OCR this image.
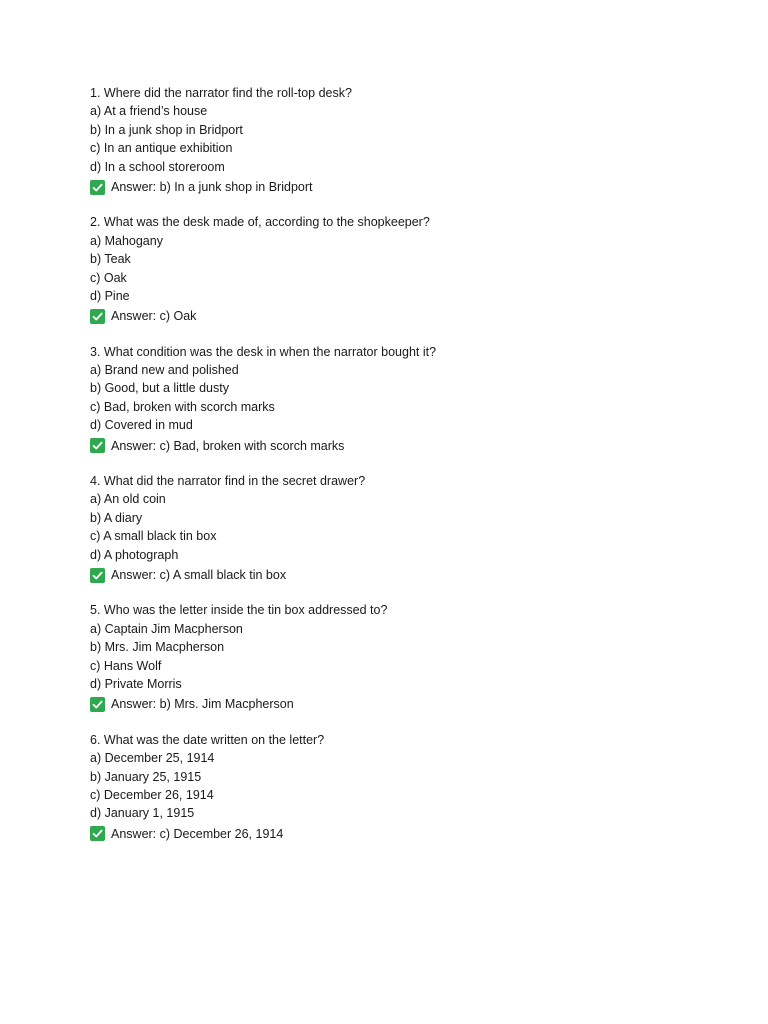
1. Where did the narrator find the roll-top desk?
a) At a friend’s house
b) In a junk shop in Bridport
c) In an antique exhibition
d) In a school storeroom
Answer: b) In a junk shop in Bridport
2. What was the desk made of, according to the shopkeeper?
a) Mahogany
b) Teak
c) Oak
d) Pine
Answer: c) Oak
3. What condition was the desk in when the narrator bought it?
a) Brand new and polished
b) Good, but a little dusty
c) Bad, broken with scorch marks
d) Covered in mud
Answer: c) Bad, broken with scorch marks
4. What did the narrator find in the secret drawer?
a) An old coin
b) A diary
c) A small black tin box
d) A photograph
Answer: c) A small black tin box
5. Who was the letter inside the tin box addressed to?
a) Captain Jim Macpherson
b) Mrs. Jim Macpherson
c) Hans Wolf
d) Private Morris
Answer: b) Mrs. Jim Macpherson
6. What was the date written on the letter?
a) December 25, 1914
b) January 25, 1915
c) December 26, 1914
d) January 1, 1915
Answer: c) December 26, 1914
